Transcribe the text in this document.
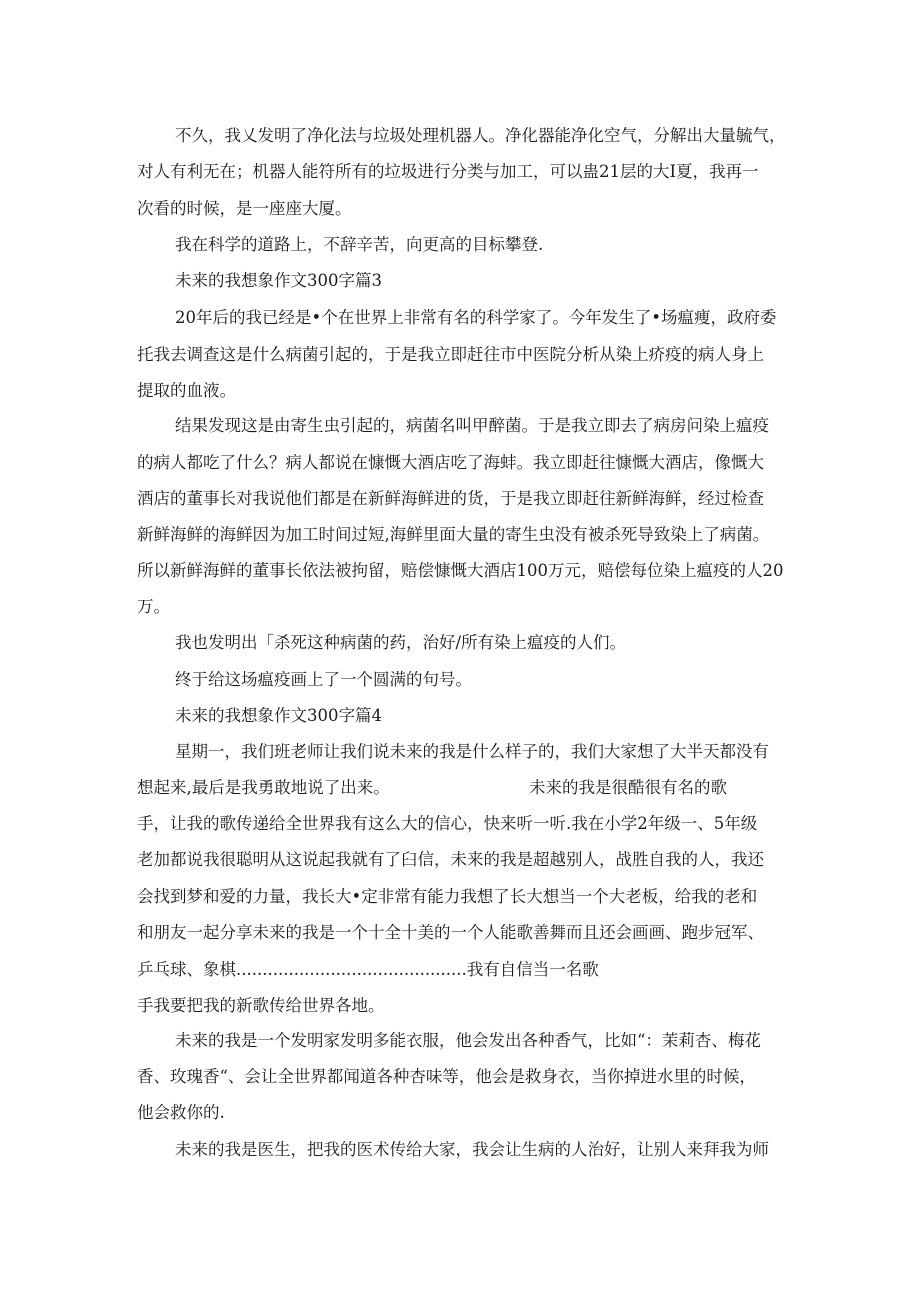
不久，我乂发明了净化法与垃圾处理机器人。净化器能净化空气，分解出大量毓气，
对人有利无在；机器人能符所有的垃圾进行分类与加工，可以蛊21层的大I夏，我再一
次看的时候，是一座座大厦。
我在科学的道路上，不辞辛苦，向更高的目标攀登.
未来的我想象作文300字篇3
20年后的我已经是•个在世界上非常有名的科学家了。今年发生了•场瘟痩，政府委
托我去调查这是什么病菌引起的，于是我立即赶往市中医院分析从染上疥疫的病人身上
提取的血液。
结果发现这是由寄生虫引起的，病菌名叫甲醉菌。于是我立即去了病房问染上瘟疫
的病人都吃了什么？病人都说在慷慨大酒店吃了海蚌。我立即赶往慷慨大酒店，像慨大
酒店的董事长对我说他们都是在新鲜海鲜进的货，于是我立即赶往新鲜海鲜，经过检查
新鲜海鲜的海鲜因为加工时间过短,海鲜里面大量的寄生虫没有被杀死导致染上了病菌。
所以新鲜海鲜的董事长依法被拘留，赔偿慷慨大酒店100万元，赔偿每位染上瘟疫的人20
万。
我也发明出「杀死这种病菌的药，治好/所有染上瘟疫的人们。
终于给这场瘟疫画上了一个圆满的句号。
未来的我想象作文300字篇4
星期一，我们班老师让我们说未来的我是什么样子的，我们大家想了大半天都没有
想起来,最后是我勇敢地说了出来。	未来的我是很酷很有名的歌
手，让我的歌传递给全世界我有这么大的信心，快来听一听.我在小学2年级一、5年级
老加都说我很聪明从这说起我就有了臼信，未来的我是超越别人，战胜自我的人，我还
会找到梦和爱的力量，我长大•定非常有能力我想了长大想当一个大老板，给我的老和
和朋友一起分享未来的我是一个十全十美的一个人能歌善舞而且还会画画、跑步冠军、
乒乓球、象棋............................................我有自信当一名歌
手我要把我的新歌传给世界各地。
未来的我是一个发明家发明多能衣服，他会发出各种香气，比如“：茉莉杏、梅花
香、玫瑰香“、会让全世界都闻道各种杏味等，他会是救身衣，当你掉进水里的时候，
他会救你的.
未来的我是医生，把我的医术传给大家，我会让生病的人治好，让别人来拜我为师
